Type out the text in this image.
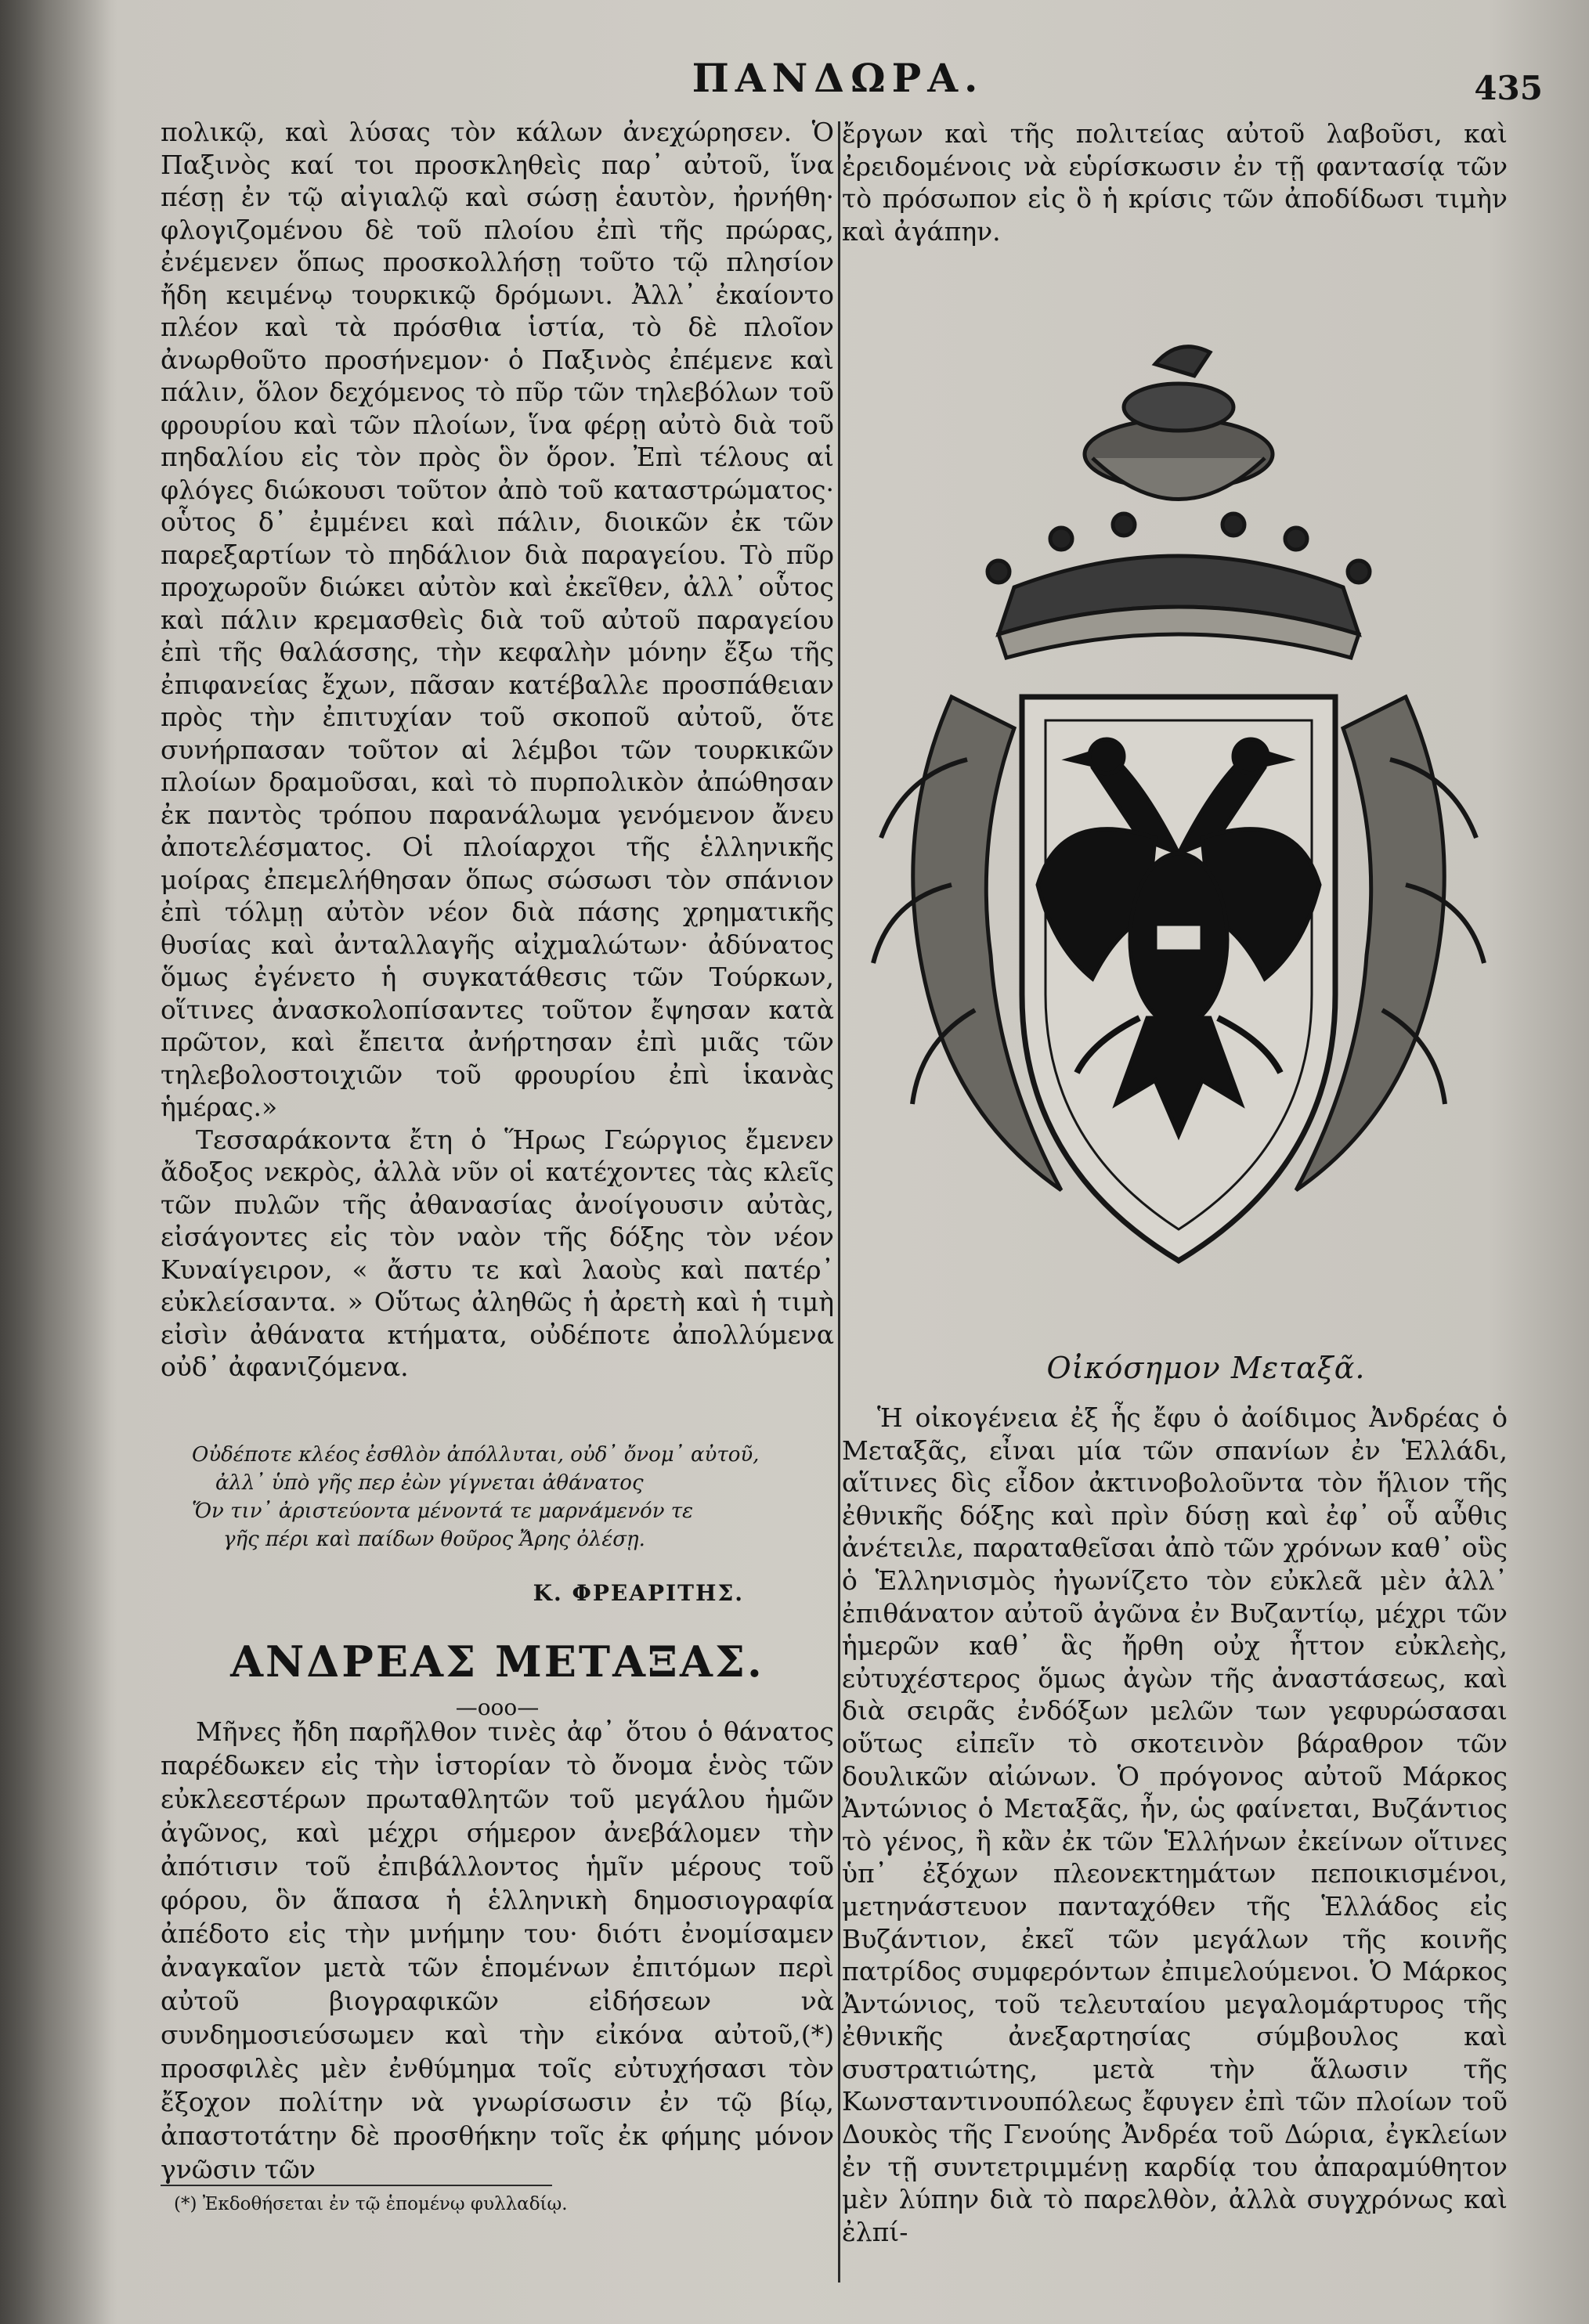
ΠΑΝΔΩΡΑ.	435

πολικῷ, καὶ λύσας τὸν κάλων ἀνεχώρησεν. Ὁ Παξινὸς καί τοι προσκληθεὶς παρ᾽ αὐτοῦ, ἵνα πέσῃ ἐν τῷ αἰγιαλῷ καὶ σώσῃ ἑαυτὸν, ἠρνήθη· φλογιζομένου δὲ τοῦ πλοίου ἐπὶ τῆς πρώρας, ἐνέμενεν ὅπως προσκολλήσῃ τοῦτο τῷ πλησίον ἤδη κειμένῳ τουρκικῷ δρόμωνι. Ἀλλ᾽ ἐκαίοντο πλέον καὶ τὰ πρόσθια ἱστία, τὸ δὲ πλοῖον ἀνωρθοῦτο προσήνεμον· ὁ Παξινὸς ἐπέμενε καὶ πάλιν, ὅλον δεχόμενος τὸ πῦρ τῶν τηλεβόλων τοῦ φρουρίου καὶ τῶν πλοίων, ἵνα φέρῃ αὐτὸ διὰ τοῦ πηδαλίου εἰς τὸν πρὸς ὃν ὅρον. Ἐπὶ τέλους αἱ φλόγες διώκουσι τοῦτον ἀπὸ τοῦ καταστρώματος· οὗτος δ᾽ ἐμμένει καὶ πάλιν, διοικῶν ἐκ τῶν παρεξαρτίων τὸ πηδάλιον διὰ παραγείου. Τὸ πῦρ προχωροῦν διώκει αὐτὸν καὶ ἐκεῖθεν, ἀλλ᾽ οὗτος καὶ πάλιν κρεμασθεὶς διὰ τοῦ αὐτοῦ παραγείου ἐπὶ τῆς θαλάσσης, τὴν κεφαλὴν μόνην ἔξω τῆς ἐπιφανείας ἔχων, πᾶσαν κατέβαλλε προσπάθειαν πρὸς τὴν ἐπιτυχίαν τοῦ σκοποῦ αὐτοῦ, ὅτε συνήρπασαν τοῦτον αἱ λέμβοι τῶν τουρκικῶν πλοίων δραμοῦσαι, καὶ τὸ πυρπολικὸν ἀπώθησαν ἐκ παντὸς τρόπου παρανάλωμα γενόμενον ἄνευ ἀποτελέσματος. Οἱ πλοίαρχοι τῆς ἑλληνικῆς μοίρας ἐπεμελήθησαν ὅπως σώσωσι τὸν σπάνιον ἐπὶ τόλμῃ αὐτὸν νέον διὰ πάσης χρηματικῆς θυσίας καὶ ἀνταλλαγῆς αἰχμαλώτων· ἀδύνατος ὅμως ἐγένετο ἡ συγκατάθεσις τῶν Τούρκων, οἵτινες ἀνασκολοπίσαντες τοῦτον ἔψησαν κατὰ πρῶτον, καὶ ἔπειτα ἀνήρτησαν ἐπὶ μιᾶς τῶν τηλεβολοστοιχιῶν τοῦ φρουρίου ἐπὶ ἱκανὰς ἡμέρας.»

Τεσσαράκοντα ἔτη ὁ Ἥρως Γεώργιος ἔμενεν ἄδοξος νεκρὸς, ἀλλὰ νῦν οἱ κατέχοντες τὰς κλεῖς τῶν πυλῶν τῆς ἀθανασίας ἀνοίγουσιν αὐτὰς, εἰσάγοντες εἰς τὸν ναὸν τῆς δόξης τὸν νέον Κυναίγειρον, « ἄστυ τε καὶ λαοὺς καὶ πατέρ᾽ εὐκλείσαντα. » Οὕτως ἀληθῶς ἡ ἀρετὴ καὶ ἡ τιμὴ εἰσὶν ἀθάνατα κτήματα, οὐδέποτε ἀπολλύμενα οὐδ᾽ ἀφανιζόμενα.

Οὐδέποτε κλέος ἐσθλὸν ἀπόλλυται, οὐδ᾽ ὄνομ᾽ αὐτοῦ,
ἀλλ᾽ ὑπὸ γῆς περ ἐὼν γίγνεται ἀθάνατος
Ὅν τιν᾽ ἀριστεύοντα μένοντά τε μαρνάμενόν τε
γῆς πέρι καὶ παίδων θοῦρος Ἄρης ὀλέσῃ.
Κ. ΦΡΕΑΡΙΤΗΣ.
ΑΝΔΡΕΑΣ ΜΕΤΑΞΑΣ.
—ooo—

Μῆνες ἤδη παρῆλθον τινὲς ἀφ᾽ ὅτου ὁ θάνατος παρέδωκεν εἰς τὴν ἱστορίαν τὸ ὄνομα ἑνὸς τῶν εὐκλεεστέρων πρωταθλητῶν τοῦ μεγάλου ἡμῶν ἀγῶνος, καὶ μέχρι σήμερον ἀνεβάλομεν τὴν ἀπότισιν τοῦ ἐπιβάλλοντος ἡμῖν μέρους τοῦ φόρου, ὃν ἅπασα ἡ ἑλληνικὴ δημοσιογραφία ἀπέδοτο εἰς τὴν μνήμην του· διότι ἐνομίσαμεν ἀναγκαῖον μετὰ τῶν ἑπομένων ἐπιτόμων περὶ αὐτοῦ βιογραφικῶν εἰδήσεων νὰ συνδημοσιεύσωμεν καὶ τὴν εἰκόνα αὐτοῦ,(*) προσφιλὲς μὲν ἐνθύμημα τοῖς εὐτυχήσασι τὸν ἔξοχον πολίτην νὰ γνωρίσωσιν ἐν τῷ βίῳ, ἀπαστοτάτην δὲ προσθήκην τοῖς ἐκ φήμης μόνον γνῶσιν τῶν

(*) Ἐκδοθήσεται ἐν τῷ ἑπομένῳ φυλλαδίῳ.

ἔργων καὶ τῆς πολιτείας αὐτοῦ λαβοῦσι, καὶ ἐρειδομένοις νὰ εὑρίσκωσιν ἐν τῇ φαντασίᾳ τῶν τὸ πρόσωπον εἰς ὃ ἡ κρίσις τῶν ἀποδίδωσι τιμὴν καὶ ἀγάπην.

Οἰκόσημον Μεταξᾶ.

Ἡ οἰκογένεια ἐξ ἧς ἔφυ ὁ ἀοίδιμος Ἀνδρέας ὁ Μεταξᾶς, εἶναι μία τῶν σπανίων ἐν Ἑλλάδι, αἵτινες δὶς εἶδον ἀκτινοβολοῦντα τὸν ἥλιον τῆς ἐθνικῆς δόξης καὶ πρὶν δύσῃ καὶ ἐφ᾽ οὗ αὖθις ἀνέτειλε, παραταθεῖσαι ἀπὸ τῶν χρόνων καθ᾽ οὓς ὁ Ἑλληνισμὸς ἠγωνίζετο τὸν εὐκλεᾶ μὲν ἀλλ᾽ ἐπιθάνατον αὐτοῦ ἀγῶνα ἐν Βυζαντίῳ, μέχρι τῶν ἡμερῶν καθ᾽ ἃς ἤρθη οὐχ ἧττον εὐκλεὴς, εὐτυχέστερος ὅμως ἀγὼν τῆς ἀναστάσεως, καὶ διὰ σειρᾶς ἐνδόξων μελῶν των γεφυρώσασαι οὕτως εἰπεῖν τὸ σκοτεινὸν βάραθρον τῶν δουλικῶν αἰώνων. Ὁ πρόγονος αὐτοῦ Μάρκος Ἀντώνιος ὁ Μεταξᾶς, ἦν, ὡς φαίνεται, Βυζάντιος τὸ γένος, ἢ κἂν ἐκ τῶν Ἑλλήνων ἐκείνων οἵτινες ὑπ᾽ ἐξόχων πλεονεκτημάτων πεποικισμένοι, μετηνάστευον πανταχόθεν τῆς Ἑλλάδος εἰς Βυζάντιον, ἐκεῖ τῶν μεγάλων τῆς κοινῆς πατρίδος συμφερόντων ἐπιμελούμενοι. Ὁ Μάρκος Ἀντώνιος, τοῦ τελευταίου μεγαλομάρτυρος τῆς ἐθνικῆς ἀνεξαρτησίας σύμβουλος καὶ συστρατιώτης, μετὰ τὴν ἅλωσιν τῆς Κωνσταντινουπόλεως ἔφυγεν ἐπὶ τῶν πλοίων τοῦ Δουκὸς τῆς Γενούης Ἀνδρέα τοῦ Δώρια, ἐγκλείων ἐν τῇ συντετριμμένῃ καρδίᾳ του ἀπαραμύθητον μὲν λύπην διὰ τὸ παρελθὸν, ἀλλὰ συγχρόνως καὶ ἐλπί-
